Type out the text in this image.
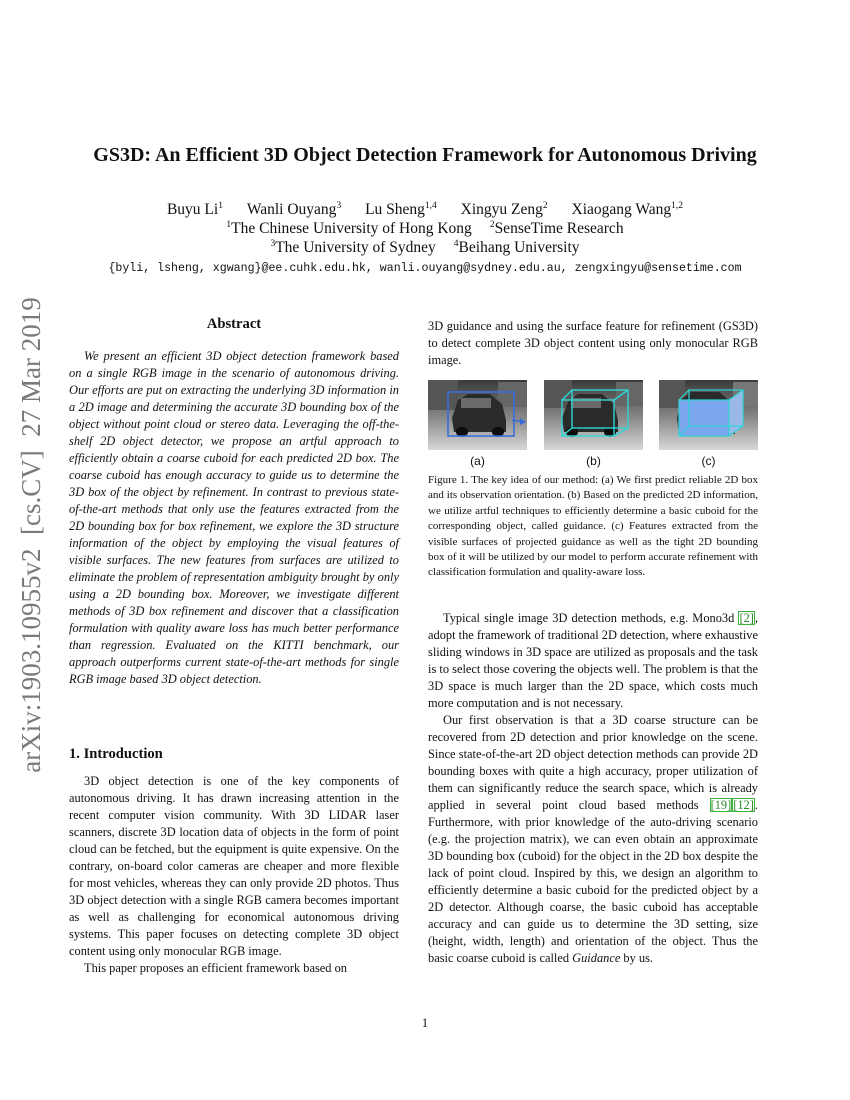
arXiv:1903.10955v2  [cs.CV]  27 Mar 2019
GS3D: An Efficient 3D Object Detection Framework for Autonomous Driving
Buyu Li$^1$ Wanli Ouyang$^3$ Lu Sheng$^{1,4}$ Xingyu Zeng$^2$ Xiaogang Wang$^{1,2}$
$^1$The Chinese University of Hong Kong $^2$SenseTime Research
$^3$The University of Sydney $^4$Beihang University
{byli, lsheng, xgwang}@ee.cuhk.edu.hk, wanli.ouyang@sydney.edu.au, zengxingyu@sensetime.com
Abstract

We present an efficient 3D object detection framework based on a single RGB image in the scenario of autonomous driving. Our efforts are put on extracting the underlying 3D information in a 2D image and determining the accurate 3D bounding box of the object without point cloud or stereo data. Leveraging the off-the-shelf 2D object detector, we propose an artful approach to efficiently obtain a coarse cuboid for each predicted 2D box. The coarse cuboid has enough accuracy to guide us to determine the 3D box of the object by refinement. In contrast to previous state-of-the-art methods that only use the features extracted from the 2D bounding box for box refinement, we explore the 3D structure information of the object by employing the visual features of visible surfaces. The new features from surfaces are utilized to eliminate the problem of representation ambiguity brought by only using a 2D bounding box. Moreover, we investigate different methods of 3D box refinement and discover that a classification formulation with quality aware loss has much better performance than regression. Evaluated on the KITTI benchmark, our approach outperforms current state-of-the-art methods for single RGB image based 3D object detection.

1. Introduction

3D object detection is one of the key components of autonomous driving. It has drawn increasing attention in the recent computer vision community. With 3D LIDAR laser scanners, discrete 3D location data of objects in the form of point cloud can be fetched, but the equipment is quite expensive. On the contrary, on-board color cameras are cheaper and more flexible for most vehicles, whereas they can only provide 2D photos. Thus 3D object detection with a single RGB camera becomes important as well as challenging for economical autonomous driving systems. This paper focuses on detecting complete 3D object content using only monocular RGB image.

This paper proposes an efficient framework based on

3D guidance and using the surface feature for refinement (GS3D) to detect complete 3D object content using only monocular RGB image.

(a)	(b)	(c)
Figure 1. The key idea of our method: (a) We first predict reliable 2D box and its observation orientation. (b) Based on the predicted 2D information, we utilize artful techniques to efficiently determine a basic cuboid for the corresponding object, called guidance. (c) Features extracted from the visible surfaces of projected guidance as well as the tight 2D bounding box of it will be utilized by our model to perform accurate refinement with classification formulation and quality-aware loss.

Typical single image 3D detection methods, e.g. Mono3d [2], adopt the framework of traditional 2D detection, where exhaustive sliding windows in 3D space are utilized as proposals and the task is to select those covering the objects well. The problem is that the 3D space is much larger than the 2D space, which costs much more computation and is not necessary.

Our first observation is that a 3D coarse structure can be recovered from 2D detection and prior knowledge on the scene. Since state-of-the-art 2D object detection methods can provide 2D bounding boxes with quite a high accuracy, proper utilization of them can significantly reduce the search space, which is already applied in several point cloud based methods [19] [12]. Furthermore, with prior knowledge of the auto-driving scenario (e.g. the projection matrix), we can even obtain an approximate 3D bounding box (cuboid) for the object in the 2D box despite the lack of point cloud. Inspired by this, we design an algorithm to efficiently determine a basic cuboid for the predicted object by a 2D detector. Although coarse, the basic cuboid has acceptable accuracy and can guide us to determine the 3D setting, size (height, width, length) and orientation of the object. Thus the basic coarse cuboid is called Guidance by us.

1
